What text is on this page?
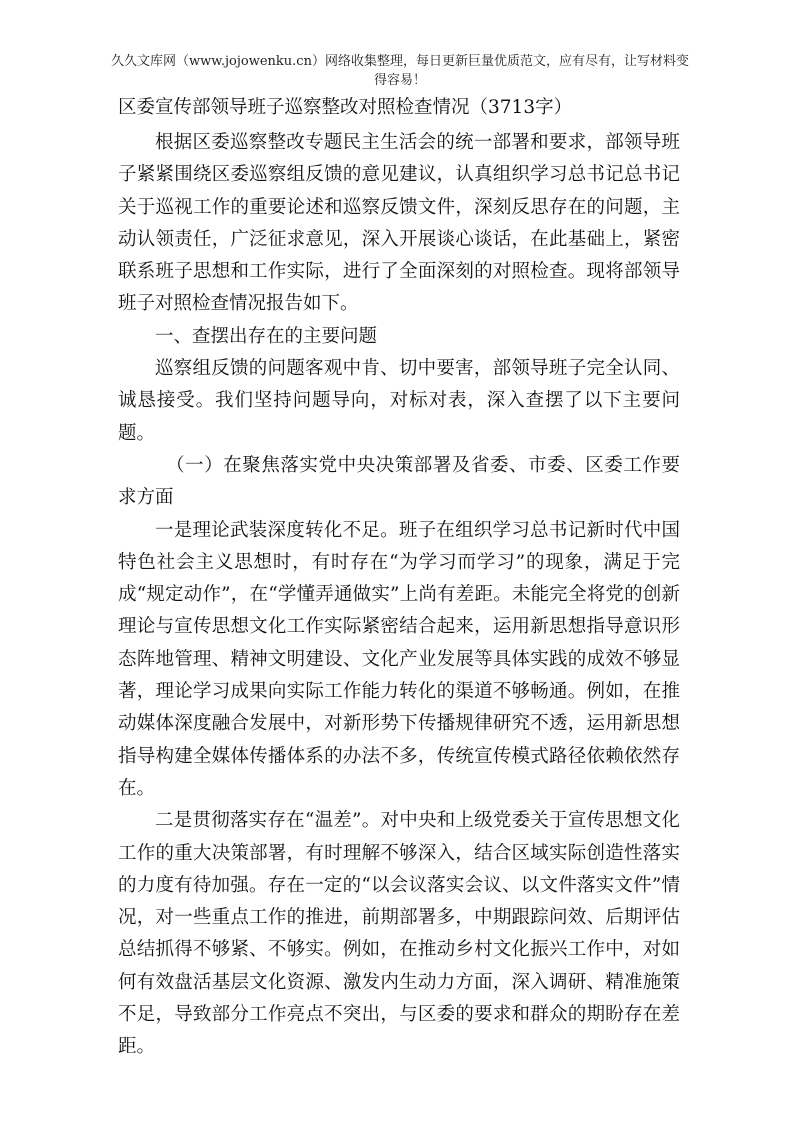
久久文库网（www.jojowenku.cn）网络收集整理，每日更新巨量优质范文，应有尽有，让写材料变得容易！
区委宣传部领导班子巡察整改对照检查情况（3713字）

根据区委巡察整改专题民主生活会的统一部署和要求，部领导班子紧紧围绕区委巡察组反馈的意见建议，认真组织学习总书记总书记关于巡视工作的重要论述和巡察反馈文件，深刻反思存在的问题，主动认领责任，广泛征求意见，深入开展谈心谈话，在此基础上，紧密联系班子思想和工作实际，进行了全面深刻的对照检查。现将部领导班子对照检查情况报告如下。

一、查摆出存在的主要问题

巡察组反馈的问题客观中肯、切中要害，部领导班子完全认同、诚恳接受。我们坚持问题导向，对标对表，深入查摆了以下主要问题。

（一）在聚焦落实党中央决策部署及省委、市委、区委工作要求方面

一是理论武装深度转化不足。班子在组织学习总书记新时代中国特色社会主义思想时，有时存在“为学习而学习”的现象，满足于完成“规定动作”，在“学懂弄通做实”上尚有差距。未能完全将党的创新理论与宣传思想文化工作实际紧密结合起来，运用新思想指导意识形态阵地管理、精神文明建设、文化产业发展等具体实践的成效不够显著，理论学习成果向实际工作能力转化的渠道不够畅通。例如，在推动媒体深度融合发展中，对新形势下传播规律研究不透，运用新思想指导构建全媒体传播体系的办法不多，传统宣传模式路径依赖依然存在。

二是贯彻落实存在“温差”。对中央和上级党委关于宣传思想文化工作的重大决策部署，有时理解不够深入，结合区域实际创造性落实的力度有待加强。存在一定的“以会议落实会议、以文件落实文件”情况，对一些重点工作的推进，前期部署多，中期跟踪问效、后期评估总结抓得不够紧、不够实。例如，在推动乡村文化振兴工作中，对如何有效盘活基层文化资源、激发内生动力方面，深入调研、精准施策不足，导致部分工作亮点不突出，与区委的要求和群众的期盼存在差距。
